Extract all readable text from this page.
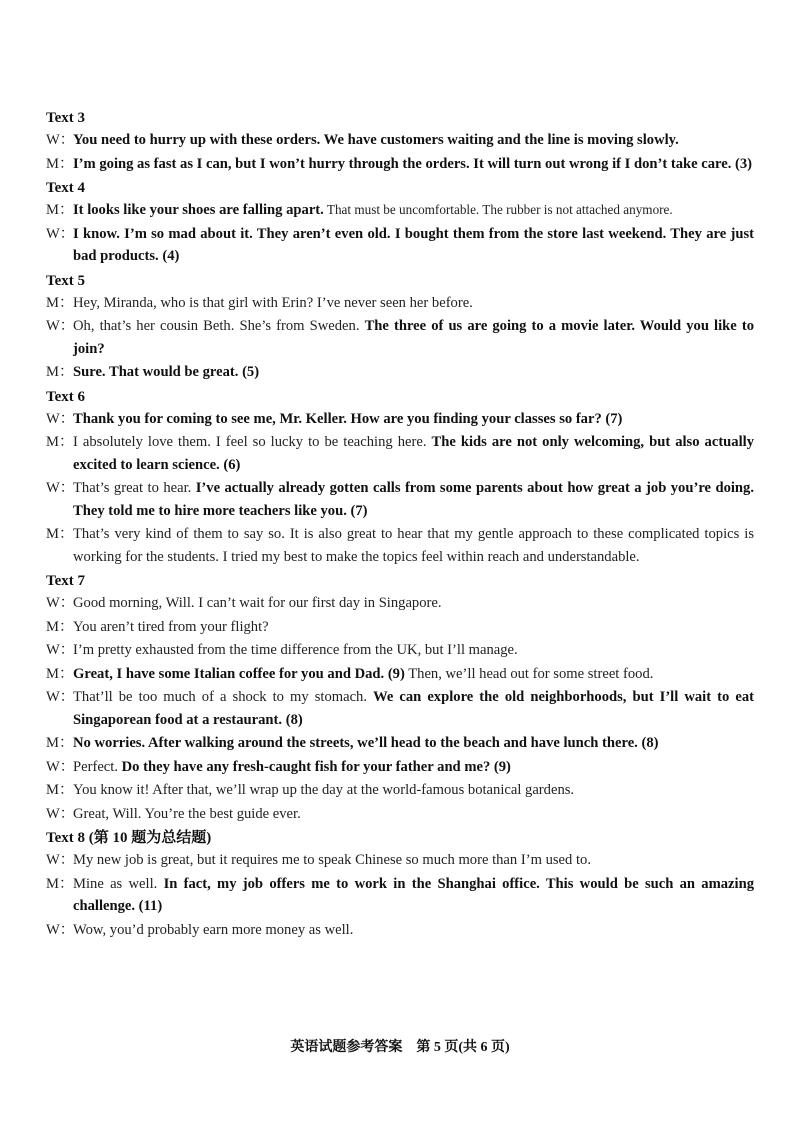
Text 3
W：
You need to hurry up with these orders. We have customers waiting and the line is moving slowly.
M： I’m going as fast as I can, but I won’t hurry through the orders. It will turn out wrong if I don’t take care. (3)
Text 4
M： It looks like your shoes are falling apart. That must be uncomfortable. The rubber is not attached anymore.
W：
I know. I’m so mad about it. They aren’t even old. I bought them from the store last weekend. They are just bad products. (4)
Text 5
M： Hey, Miranda, who is that girl with Erin? I’ve never seen her before.
W：
Oh, that’s her cousin Beth. She’s from Sweden. The three of us are going to a movie later. Would you like to join?
M： Sure. That would be great. (5)
Text 6
W：
Thank you for coming to see me, Mr. Keller. How are you finding your classes so far? (7)
M： I absolutely love them. I feel so lucky to be teaching here. The kids are not only welcoming, but also actually excited to learn science. (6)
W：
That’s great to hear. I’ve actually already gotten calls from some parents about how great a job you’re doing. They told me to hire more teachers like you. (7)
M： That’s very kind of them to say so. It is also great to hear that my gentle approach to these complicated topics is working for the students. I tried my best to make the topics feel within reach and understandable.
Text 7
W：
Good morning, Will. I can’t wait for our first day in Singapore.
M： You aren’t tired from your flight?
W：
I’m pretty exhausted from the time difference from the UK, but I’ll manage.
M： Great, I have some Italian coffee for you and Dad. (9) Then, we’ll head out for some street food.
W：
That’ll be too much of a shock to my stomach. We can explore the old neighborhoods, but I’ll wait to eat Singaporean food at a restaurant. (8)
M： No worries. After walking around the streets, we’ll head to the beach and have lunch there. (8)
W：
Perfect. Do they have any fresh-caught fish for your father and me? (9)
M： You know it! After that, we’ll wrap up the day at the world-famous botanical gardens.
W：
Great, Will. You’re the best guide ever.
Text 8 (第 10 题为总结题)
W：
My new job is great, but it requires me to speak Chinese so much more than I’m used to.
M： Mine as well. In fact, my job offers me to work in the Shanghai office. This would be such an amazing challenge. (11)
W：
Wow, you’d probably earn more money as well.
英语试题参考答案　第 5 页(共 6 页)
